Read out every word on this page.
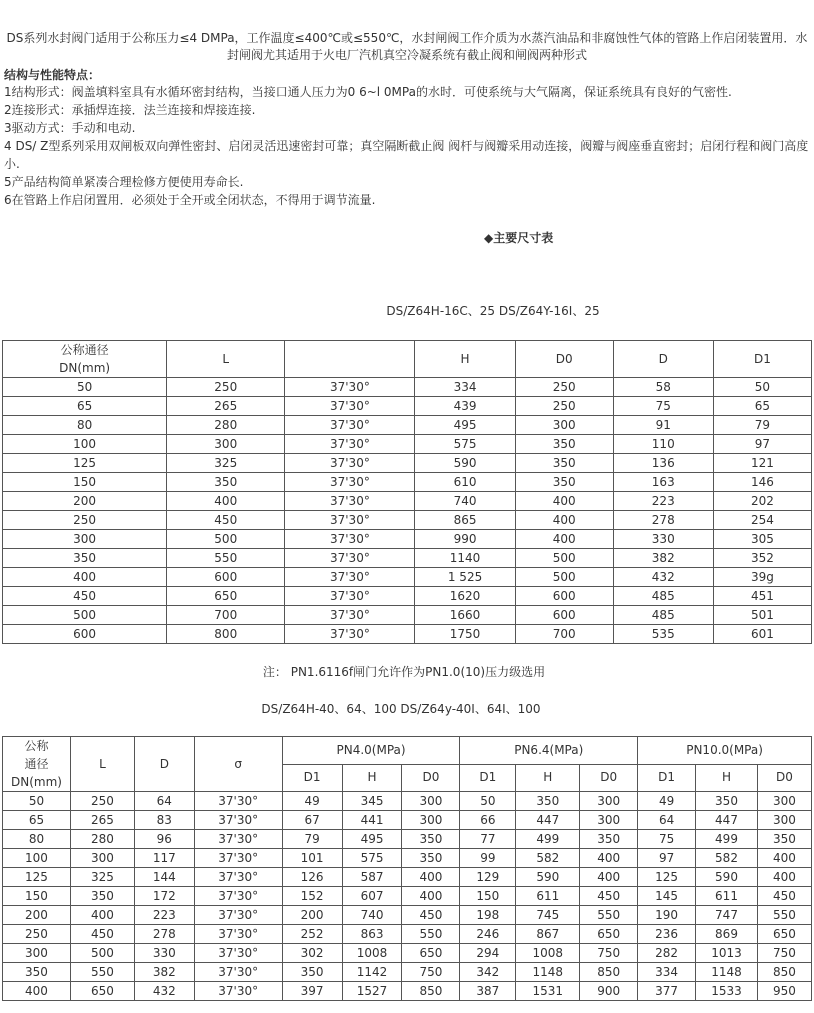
DS系列水封阀门适用于公称压力≤4 DMPa，工作温度≤400℃或≤550℃，水封闸阀工作介质为水蒸汽油品和非腐蚀性气体的管路上作启闭装置用．水封闸阀尤其适用于火电厂汽机真空冷凝系统有截止阀和闸阀两种形式
结构与性能特点：
1结构形式：阀盖填料室具有水循环密封结构，当接口通人压力为0 6~l 0MPa的水时．可使系统与大气隔离，保证系统具有良好的气密性.
2连接形式：承插焊连接．法兰连接和焊接连接.
3驱动方式：手动和电动.
4 DS/ Z型系列采用双闸板双向弹性密封、启闭灵活迅速密封可靠；真空隔断截止阀 阀杆与阀瓣采用动连接，阀瓣与阀座垂直密封；启闭行程和阀门高度小.
5产品结构简单紧凑合理检修方便使用寿命长.
6在管路上作启闭置用．必须处于全开或全闭状态，不得用于调节流量.
◆主要尺寸表
DS/Z64H-16C、25 DS/Z64Y-16I、25
公称通径
DN(mm)	L		H	D0	D	D1
50	250	37'30°	334	250	58	50
65	265	37'30°	439	250	75	65
80	280	37'30°	495	300	91	79
100	300	37'30°	575	350	110	97
125	325	37'30°	590	350	136	121
150	350	37'30°	610	350	163	146
200	400	37'30°	740	400	223	202
250	450	37'30°	865	400	278	254
300	500	37'30°	990	400	330	305
350	550	37'30°	1140	500	382	352
400	600	37'30°	1 525	500	432	39g
450	650	37'30°	1620	600	485	451
500	700	37'30°	1660	600	485	501
600	800	37'30°	1750	700	535	601
注： PN1.6116f闸门允许作为PN1.0(10)压力级选用
DS/Z64H-40、64、100 DS/Z64y-40I、64I、100
公称
通径
DN(mm)	L	D	σ	PN4.0(MPa)			PN6.4(MPa)			PN10.0(MPa)		
				D1	H	D0	D1	H	D0	D1	H	D0
50	250	64	37'30°	49	345	300	50	350	300	49	350	300
65	265	83	37'30°	67	441	300	66	447	300	64	447	300
80	280	96	37'30°	79	495	350	77	499	350	75	499	350
100	300	117	37'30°	101	575	350	99	582	400	97	582	400
125	325	144	37'30°	126	587	400	129	590	400	125	590	400
150	350	172	37'30°	152	607	400	150	611	450	145	611	450
200	400	223	37'30°	200	740	450	198	745	550	190	747	550
250	450	278	37'30°	252	863	550	246	867	650	236	869	650
300	500	330	37'30°	302	1008	650	294	1008	750	282	1013	750
350	550	382	37'30°	350	1142	750	342	1148	850	334	1148	850
400	650	432	37'30°	397	1527	850	387	1531	900	377	1533	950
